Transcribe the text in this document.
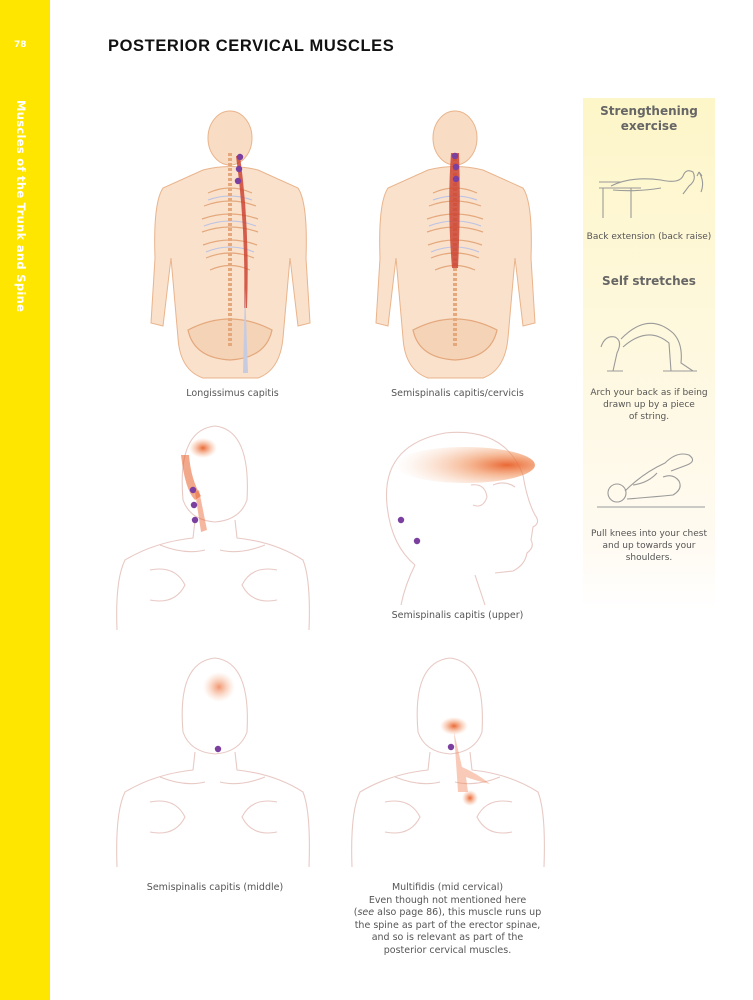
78
Muscles of the Trunk and Spine
POSTERIOR CERVICAL MUSCLES
Longissimus capitis	Semispinalis capitis/cervicis
Semispinalis capitis (upper)
Semispinalis capitis (middle)	Multifidis (mid cervical)
Even though not mentioned here
(see also page 86), this muscle runs up
the spine as part of the erector spinae,
and so is relevant as part of the
posterior cervical muscles.
Strengthening
exercise
Back extension (back raise)
Self stretches
Arch your back as if being
drawn up by a piece
of string.
Pull knees into your chest
and up towards your
shoulders.
